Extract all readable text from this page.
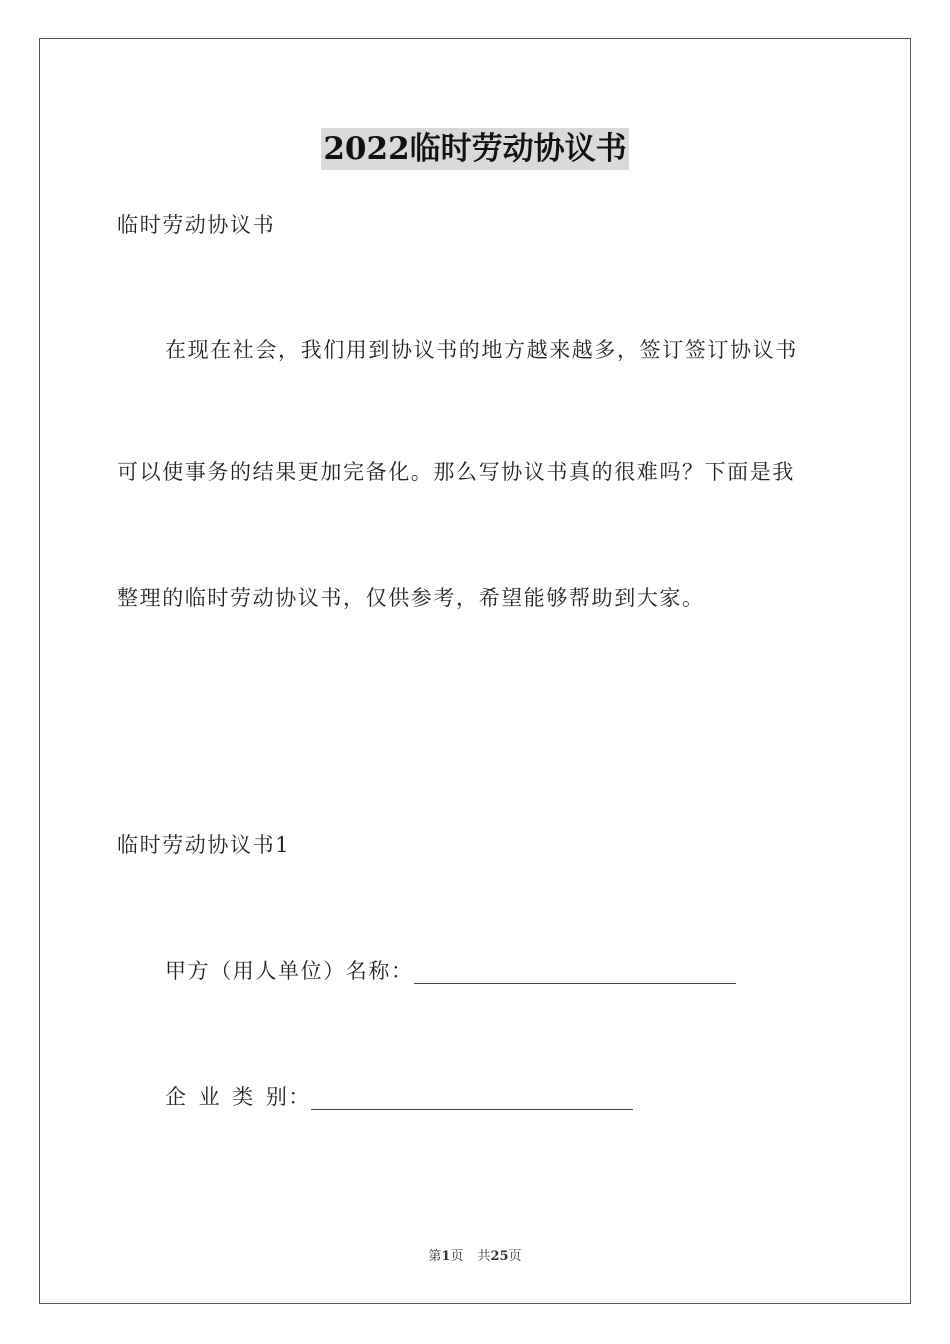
2022临时劳动协议书
临时劳动协议书
在现在社会，我们用到协议书的地方越来越多，签订签订协议书
可以使事务的结果更加完备化。那么写协议书真的很难吗？下面是我
整理的临时劳动协议书，仅供参考，希望能够帮助到大家。
临时劳动协议书1
甲方（用人单位）名称：
企 业 类 别：
第1页 共25页
